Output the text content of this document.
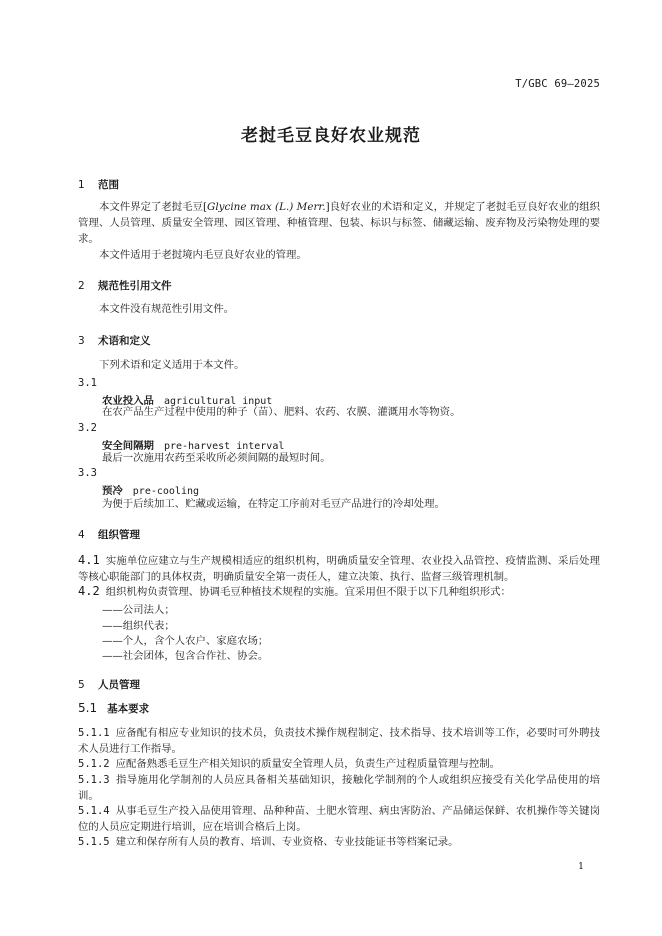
T/GBC 69—2025
老挝毛豆良好农业规范
1 范围
本文件界定了老挝毛豆[Glycine max (L.) Merr.]良好农业的术语和定义，并规定了老挝毛豆良好农业的组织管理、人员管理、质量安全管理、园区管理、种植管理、包装、标识与标签、储藏运输、废弃物及污染物处理的要求。
本文件适用于老挝境内毛豆良好农业的管理。
2 规范性引用文件
本文件没有规范性引用文件。
3 术语和定义
下列术语和定义适用于本文件。
3.1
农业投入品 agricultural input
在农产品生产过程中使用的种子（苗）、肥料、农药、农膜、灌溉用水等物资。
3.2
安全间隔期 pre-harvest interval
最后一次施用农药至采收所必须间隔的最短时间。
3.3
预冷 pre-cooling
为便于后续加工、贮藏或运输，在特定工序前对毛豆产品进行的冷却处理。
4 组织管理
4.1 实施单位应建立与生产规模相适应的组织机构，明确质量安全管理、农业投入品管控、疫情监测、采后处理等核心职能部门的具体权责，明确质量安全第一责任人，建立决策、执行、监督三级管理机制。
4.2 组织机构负责管理、协调毛豆种植技术规程的实施。宜采用但不限于以下几种组织形式：
——公司法人；
——组织代表；
——个人，含个人农户、家庭农场；
——社会团体，包含合作社、协会。
5 人员管理
5.1 基本要求
5.1.1 应备配有相应专业知识的技术员，负责技术操作规程制定、技术指导、技术培训等工作，必要时可外聘技术人员进行工作指导。
5.1.2 应配备熟悉毛豆生产相关知识的质量安全管理人员，负责生产过程质量管理与控制。
5.1.3 指导施用化学制剂的人员应具备相关基础知识，接触化学制剂的个人或组织应接受有关化学品使用的培训。
5.1.4 从事毛豆生产投入品使用管理、品种种苗、土肥水管理、病虫害防治、产品储运保鲜、农机操作等关键岗位的人员应定期进行培训，应在培训合格后上岗。
5.1.5 建立和保存所有人员的教育、培训、专业资格、专业技能证书等档案记录。
1
